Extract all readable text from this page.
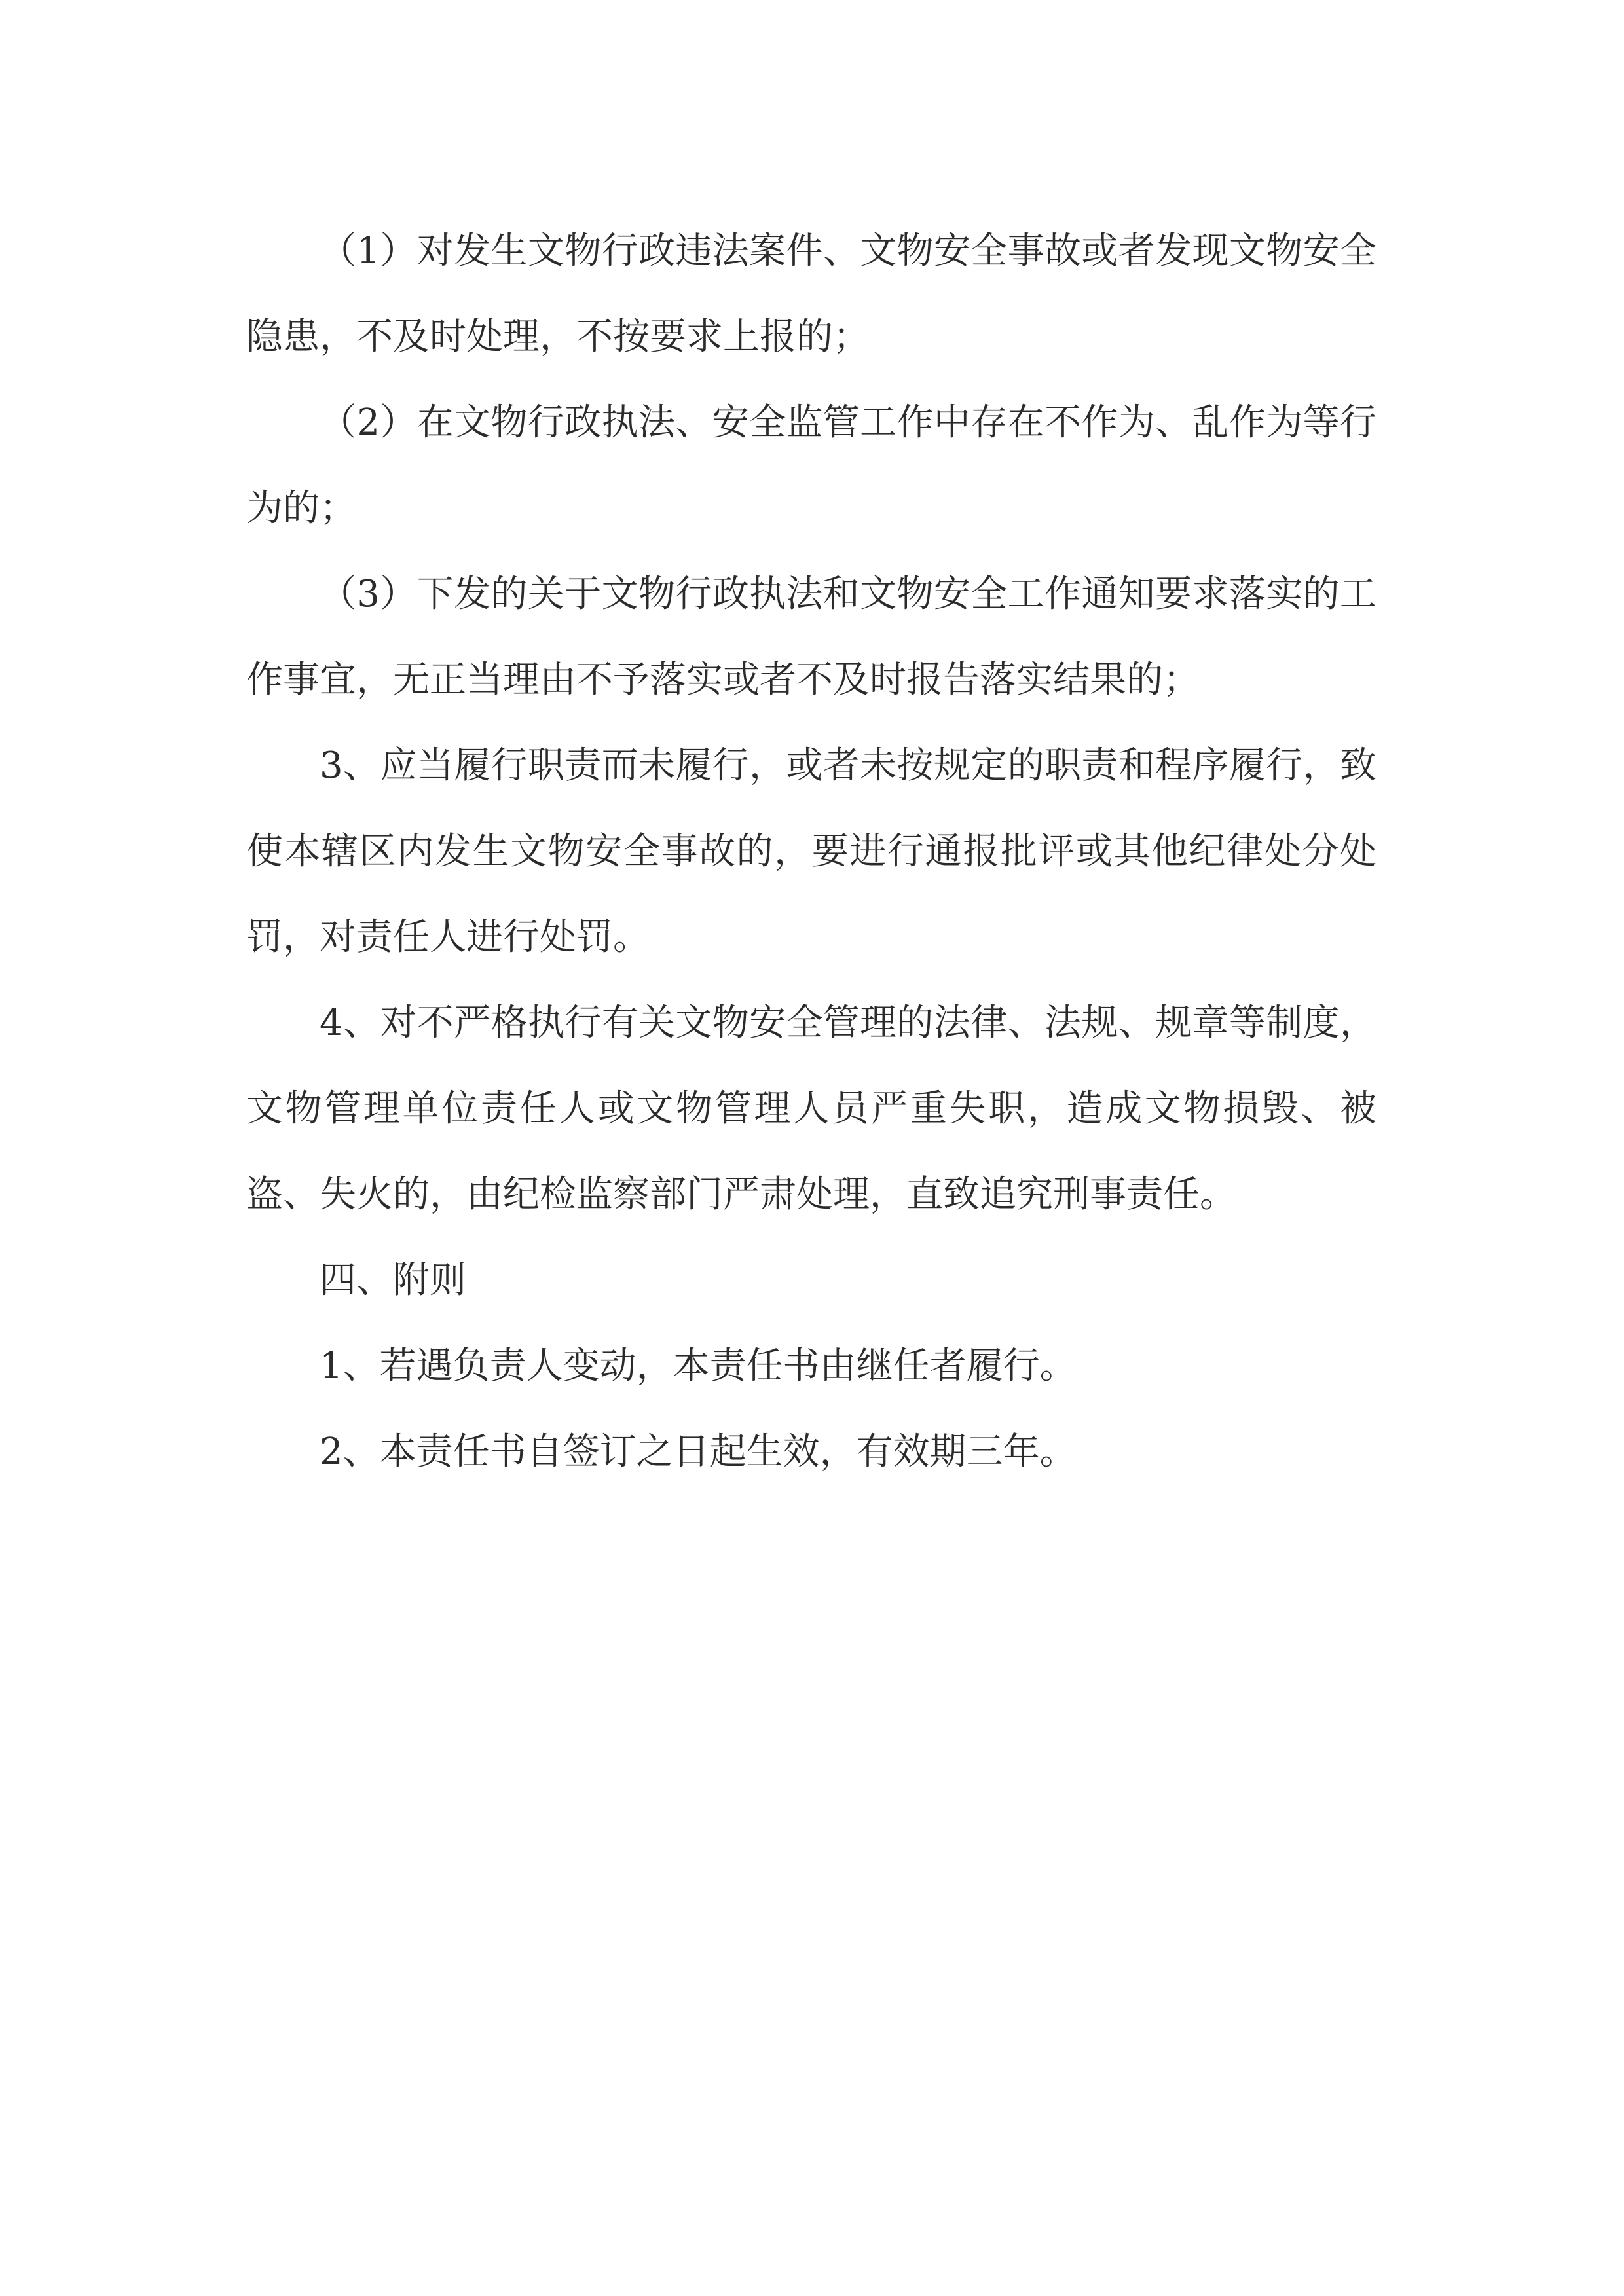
（1）对发生文物行政违法案件、文物安全事故或者发现文物安全隐患，不及时处理，不按要求上报的；

（2）在文物行政执法、安全监管工作中存在不作为、乱作为等行为的；

（3）下发的关于文物行政执法和文物安全工作通知要求落实的工作事宜，无正当理由不予落实或者不及时报告落实结果的；

3、应当履行职责而未履行，或者未按规定的职责和程序履行，致使本辖区内发生文物安全事故的，要进行通报批评或其他纪律处分处罚，对责任人进行处罚。

4、对不严格执行有关文物安全管理的法律、法规、规章等制度，文物管理单位责任人或文物管理人员严重失职，造成文物损毁、被盗、失火的，由纪检监察部门严肃处理，直致追究刑事责任。

四、附则

1、若遇负责人变动，本责任书由继任者履行。

2、本责任书自签订之日起生效，有效期三年。
